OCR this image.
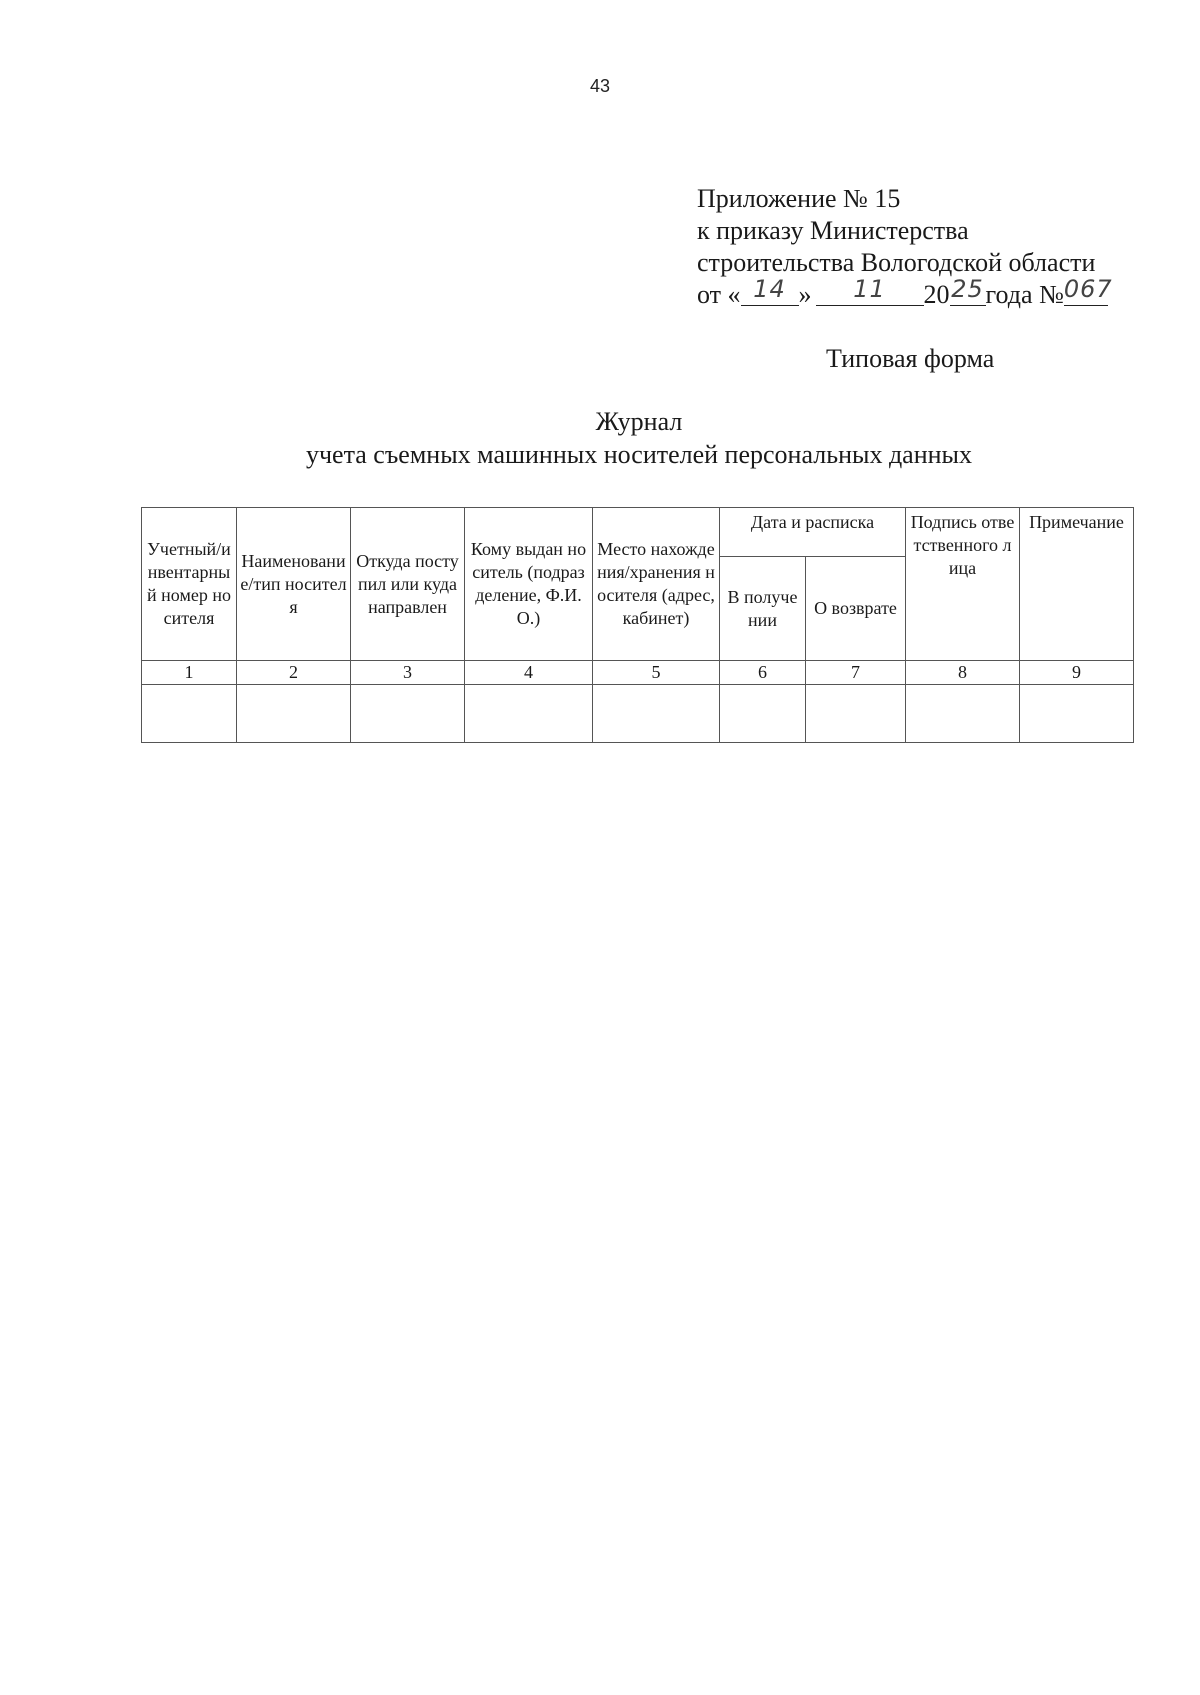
43
Приложение № 15
к приказу Министерства
строительства Вологодской области
от « 14 » 11 2025года №067
Типовая форма
Журнал
учета съемных машинных носителей персональных данных
Учетный/инвентарный номер носителя	Наименование/тип носителя	Откуда поступил или куда направлен	Кому выдан носитель (подразделение, Ф.И.О.)	Место нахождения/хранения носителя (адрес, кабинет)	Дата и расписка		Подпись ответственного лица	Примечание
					В получении	О возврате		
1	2	3	4	5	6	7	8	9
